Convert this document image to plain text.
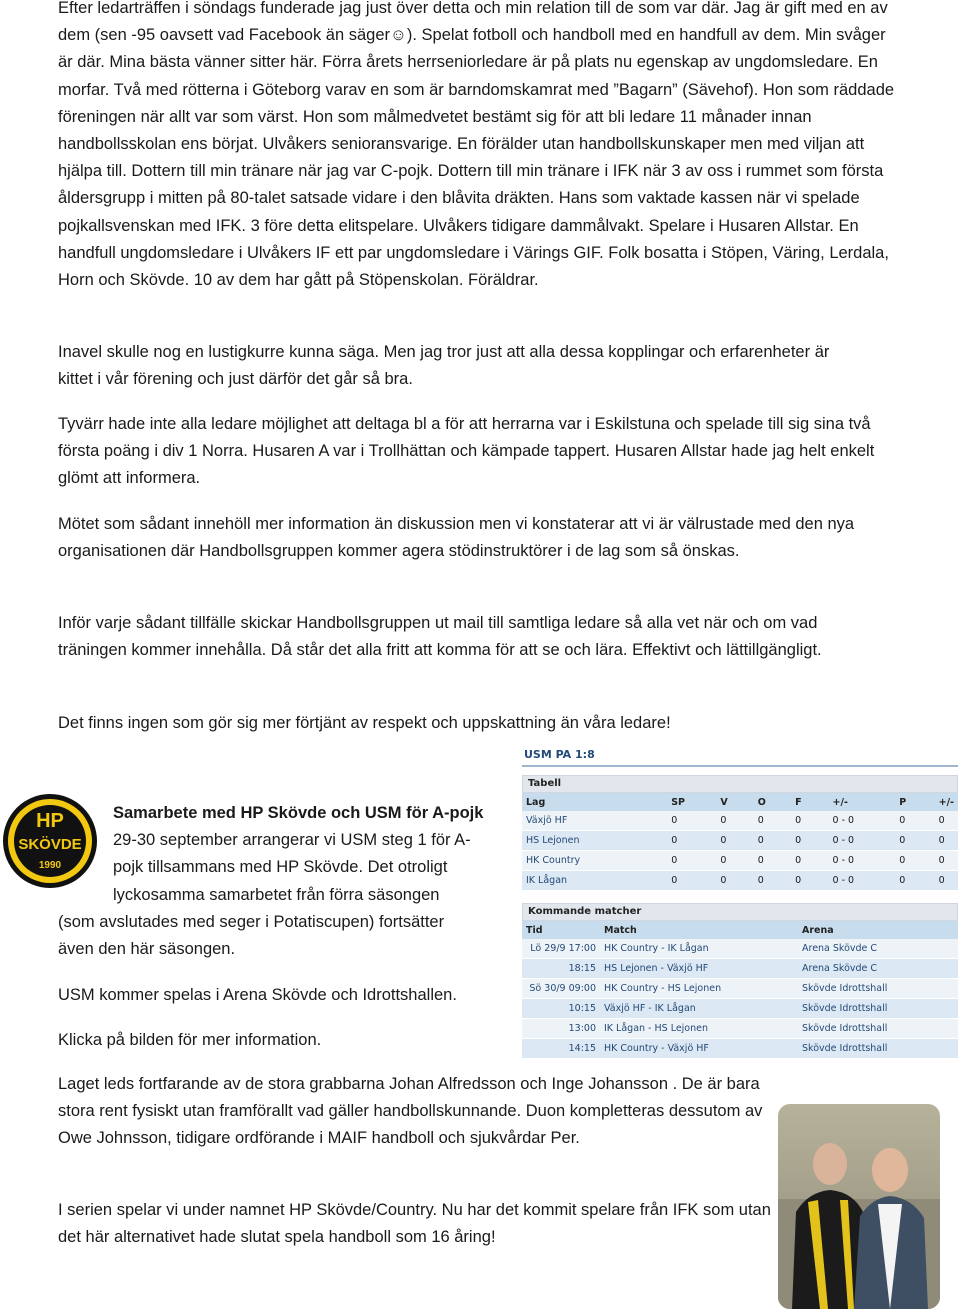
Efter ledarträffen i söndags funderade jag just över detta och min relation till de som var där. Jag är gift med en av dem (sen -95 oavsett vad Facebook än säger☺). Spelat fotboll och handboll med en handfull av dem. Min svåger är där. Mina bästa vänner sitter här. Förra årets herrseniorledare är på plats nu egenskap av ungdomsledare. En morfar. Två med rötterna i Göteborg varav en som är barndomskamrat med ”Bagarn” (Sävehof). Hon som räddade föreningen när allt var som värst. Hon som målmedvetet bestämt sig för att bli ledare 11 månader innan handbollsskolan ens börjat. Ulvåkers senioransvarige. En förälder utan handbollskunskaper men med viljan att hjälpa till. Dottern till min tränare när jag var C-pojk. Dottern till min tränare i IFK när 3 av oss i rummet som första åldersgrupp i mitten på 80-talet satsade vidare i den blåvita dräkten. Hans som vaktade kassen när vi spelade pojkallsvenskan med IFK. 3 före detta elitspelare. Ulvåkers tidigare dammålvakt. Spelare i Husaren Allstar. En handfull ungdomsledare i Ulvåkers IF ett par ungdomsledare i Värings GIF. Folk bosatta i Stöpen, Väring, Lerdala, Horn och Skövde. 10 av dem har gått på Stöpenskolan. Föräldrar.

Inavel skulle nog en lustigkurre kunna säga. Men jag tror just att alla dessa kopplingar och erfarenheter är kittet i vår förening och just därför det går så bra.

Tyvärr hade inte alla ledare möjlighet att deltaga bl a för att herrarna var i Eskilstuna och spelade till sig sina två första poäng i div 1 Norra. Husaren A var i Trollhättan och kämpade tappert. Husaren Allstar hade jag helt enkelt glömt att informera.

Mötet som sådant innehöll mer information än diskussion men vi konstaterar att vi är välrustade med den nya organisationen där Handbollsgruppen kommer agera stödinstruktörer i de lag som så önskas.

Inför varje sådant tillfälle skickar Handbollsgruppen ut mail till samtliga ledare så alla vet när och om vad träningen kommer innehålla. Då står det alla fritt att komma för att se och lära. Effektivt och lättillgängligt.

Det finns ingen som gör sig mer förtjänt av respekt och uppskattning än våra ledare!

HP
SKÖVDE
1990
Samarbete med HP Skövde och USM för A-pojk
29-30 september arrangerar vi USM steg 1 för A-
pojk tillsammans med HP Skövde. Det otroligt
lyckosamma samarbetet från förra säsongen
(som avslutades med seger i Potatiscupen) fortsätter
även den här säsongen.

USM kommer spelas i Arena Skövde och Idrottshallen.

Klicka på bilden för mer information.

Laget leds fortfarande av de stora grabbarna Johan Alfredsson och Inge Johansson . De är bara stora rent fysiskt utan framförallt vad gäller handbollskunnande. Duon kompletteras dessutom av Owe Johnsson, tidigare ordförande i MAIF handboll och sjukvårdar Per.

I serien spelar vi under namnet HP Skövde/Country. Nu har det kommit spelare från IFK som utan det här alternativet hade slutat spela handboll som 16 åring!

USM PA 1:8
Tabell
Lag	SP	V	O	F	+/-	P	+/-
Växjö HF	0	0	0	0	0 - 0	0	0
HS Lejonen	0	0	0	0	0 - 0	0	0
HK Country	0	0	0	0	0 - 0	0	0
IK Lågan	0	0	0	0	0 - 0	0	0
Kommande matcher
Tid	Match	Arena
Lö 29/9 17:00	HK Country - IK Lågan	Arena Skövde C
18:15	HS Lejonen - Växjö HF	Arena Skövde C
Sö 30/9 09:00	HK Country - HS Lejonen	Skövde Idrottshall
10:15	Växjö HF - IK Lågan	Skövde Idrottshall
13:00	IK Lågan - HS Lejonen	Skövde Idrottshall
14:15	HK Country - Växjö HF	Skövde Idrottshall
